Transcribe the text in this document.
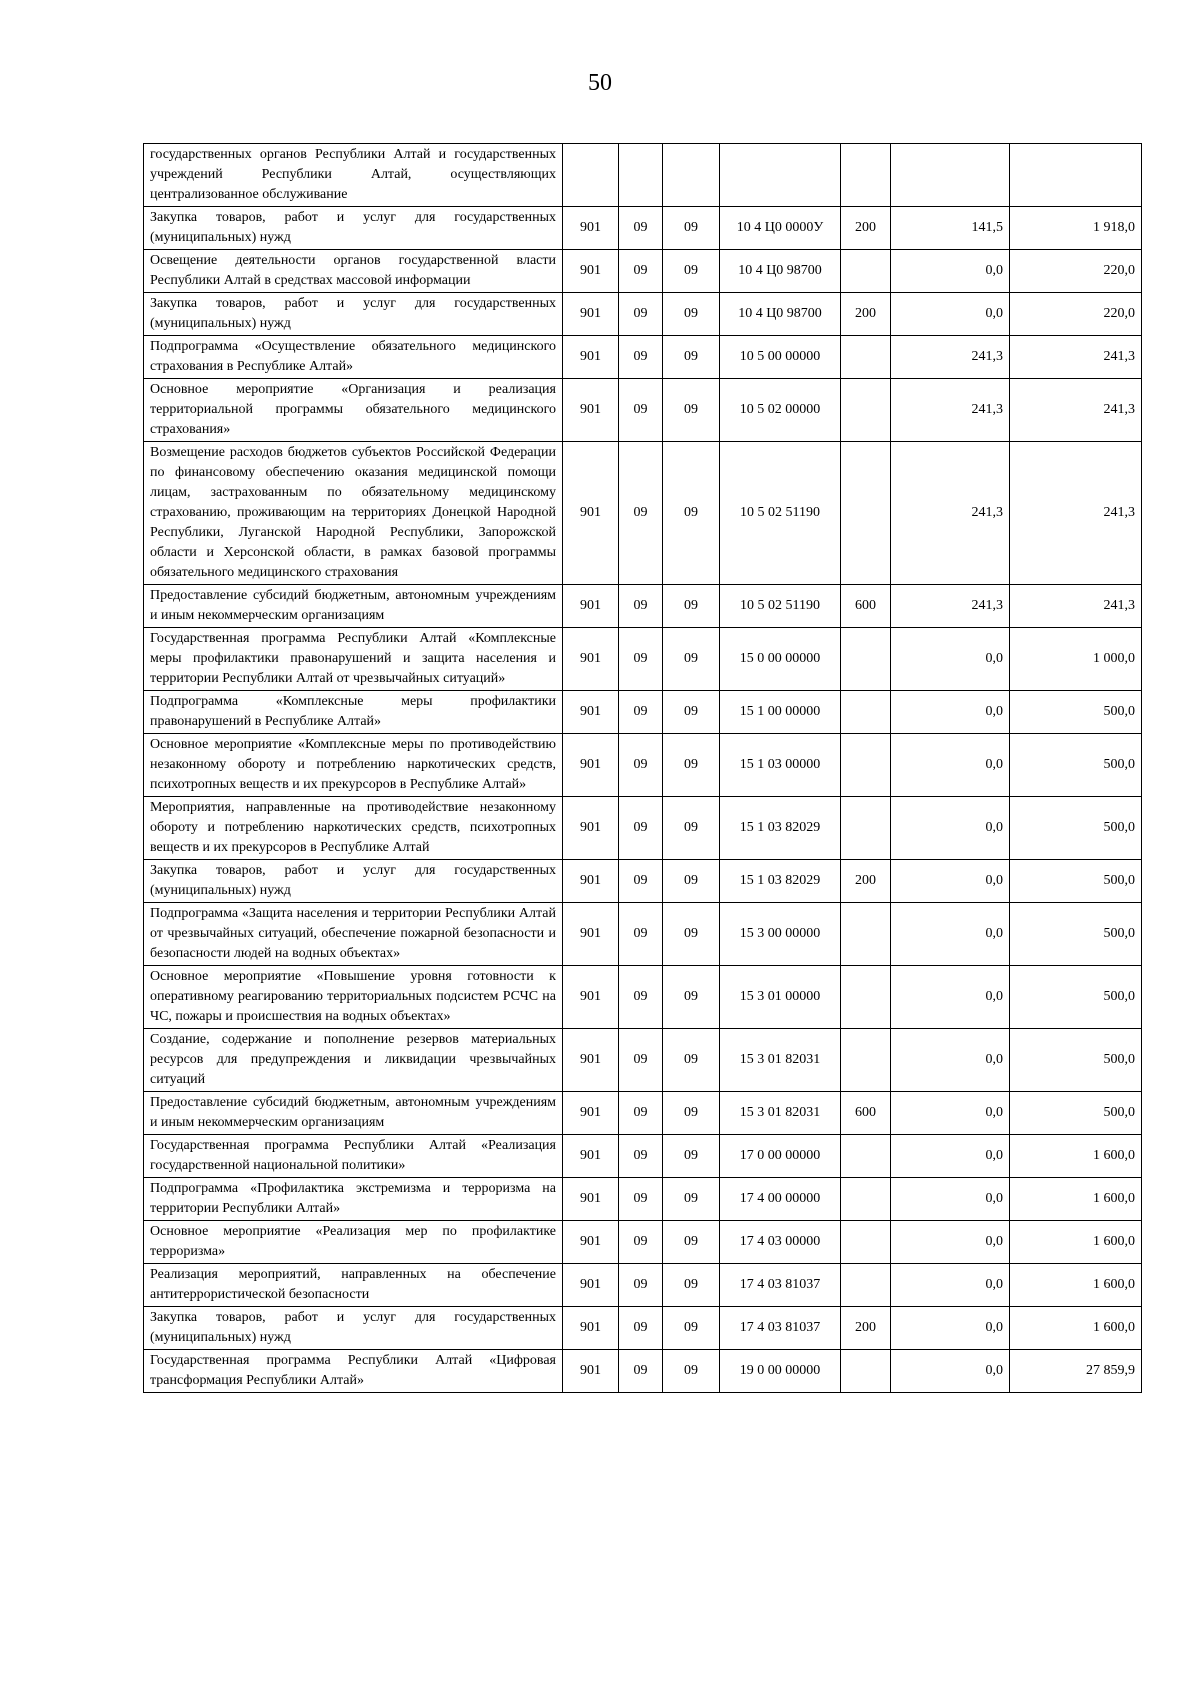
50
государственных органов Республики Алтай и государственных учреждений Республики Алтай, осуществляющих централизованное обслуживание							
Закупка товаров, работ и услуг для государственных (муниципальных) нужд	901	09	09	10 4 Ц0 0000У	200	141,5	1 918,0
Освещение деятельности органов государственной власти Республики Алтай в средствах массовой информации	901	09	09	10 4 Ц0 98700		0,0	220,0
Закупка товаров, работ и услуг для государственных (муниципальных) нужд	901	09	09	10 4 Ц0 98700	200	0,0	220,0
Подпрограмма «Осуществление обязательного медицинского страхования в Республике Алтай»	901	09	09	10 5 00 00000		241,3	241,3
Основное мероприятие «Организация и реализация территориальной программы обязательного медицинского страхования»	901	09	09	10 5 02 00000		241,3	241,3
Возмещение расходов бюджетов субъектов Российской Федерации по финансовому обеспечению оказания медицинской помощи лицам, застрахованным по обязательному медицинскому страхованию, проживающим на территориях Донецкой Народной Республики, Луганской Народной Республики, Запорожской области и Херсонской области, в рамках базовой программы обязательного медицинского страхования	901	09	09	10 5 02 51190		241,3	241,3
Предоставление субсидий бюджетным, автономным учреждениям и иным некоммерческим организациям	901	09	09	10 5 02 51190	600	241,3	241,3
Государственная программа Республики Алтай «Комплексные меры профилактики правонарушений и защита населения и территории Республики Алтай от чрезвычайных ситуаций»	901	09	09	15 0 00 00000		0,0	1 000,0
Подпрограмма «Комплексные меры профилактики правонарушений в Республике Алтай»	901	09	09	15 1 00 00000		0,0	500,0
Основное мероприятие «Комплексные меры по противодействию незаконному обороту и потреблению наркотических средств, психотропных веществ и их прекурсоров в Республике Алтай»	901	09	09	15 1 03 00000		0,0	500,0
Мероприятия, направленные на противодействие незаконному обороту и потреблению наркотических средств, психотропных веществ и их прекурсоров в Республике Алтай	901	09	09	15 1 03 82029		0,0	500,0
Закупка товаров, работ и услуг для государственных (муниципальных) нужд	901	09	09	15 1 03 82029	200	0,0	500,0
Подпрограмма «Защита населения и территории Республики Алтай от чрезвычайных ситуаций, обеспечение пожарной безопасности и безопасности людей на водных объектах»	901	09	09	15 3 00 00000		0,0	500,0
Основное мероприятие «Повышение уровня готовности к оперативному реагированию территориальных подсистем РСЧС на ЧС, пожары и происшествия на водных объектах»	901	09	09	15 3 01 00000		0,0	500,0
Создание, содержание и пополнение резервов материальных ресурсов для предупреждения и ликвидации чрезвычайных ситуаций	901	09	09	15 3 01 82031		0,0	500,0
Предоставление субсидий бюджетным, автономным учреждениям и иным некоммерческим организациям	901	09	09	15 3 01 82031	600	0,0	500,0
Государственная программа Республики Алтай «Реализация государственной национальной политики»	901	09	09	17 0 00 00000		0,0	1 600,0
Подпрограмма «Профилактика экстремизма и терроризма на территории Республики Алтай»	901	09	09	17 4 00 00000		0,0	1 600,0
Основное мероприятие «Реализация мер по профилактике терроризма»	901	09	09	17 4 03 00000		0,0	1 600,0
Реализация мероприятий, направленных на обеспечение антитеррористической безопасности	901	09	09	17 4 03 81037		0,0	1 600,0
Закупка товаров, работ и услуг для государственных (муниципальных) нужд	901	09	09	17 4 03 81037	200	0,0	1 600,0
Государственная программа Республики Алтай «Цифровая трансформация Республики Алтай»	901	09	09	19 0 00 00000		0,0	27 859,9
